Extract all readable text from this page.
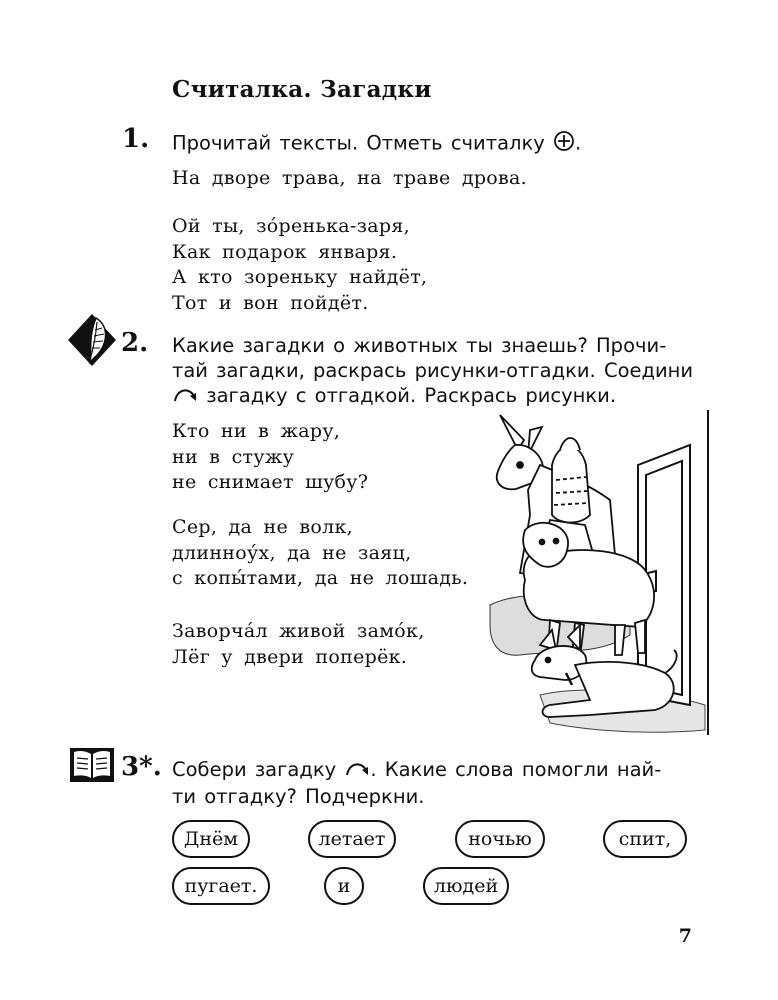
Считалка. Загадки
1. Прочитай тексты. Отметь считалку .
На дворе трава, на траве дрова.
Ой ты, зо́ренька-заря,
Как подарок января.
А кто зореньку найдёт,
Тот и вон пойдёт.
2. Какие загадки о животных ты знаешь? Прочи-
тай загадки, раскрась рисунки-отгадки. Соедини
загадку с отгадкой. Раскрась рисунки.
Кто ни в жару,
ни в стужу
не снимает шубу?
Сер, да не волк,
длинноу́х, да не заяц,
с копы́тами, да не лошадь.
Заворча́л живой замо́к,
Лёг у двери поперёк.
3*. Собери загадку . Какие слова помогли най-
ти отгадку? Подчеркни.
Днём	летает	ночью	спит,
пугает.	и	людей
7
